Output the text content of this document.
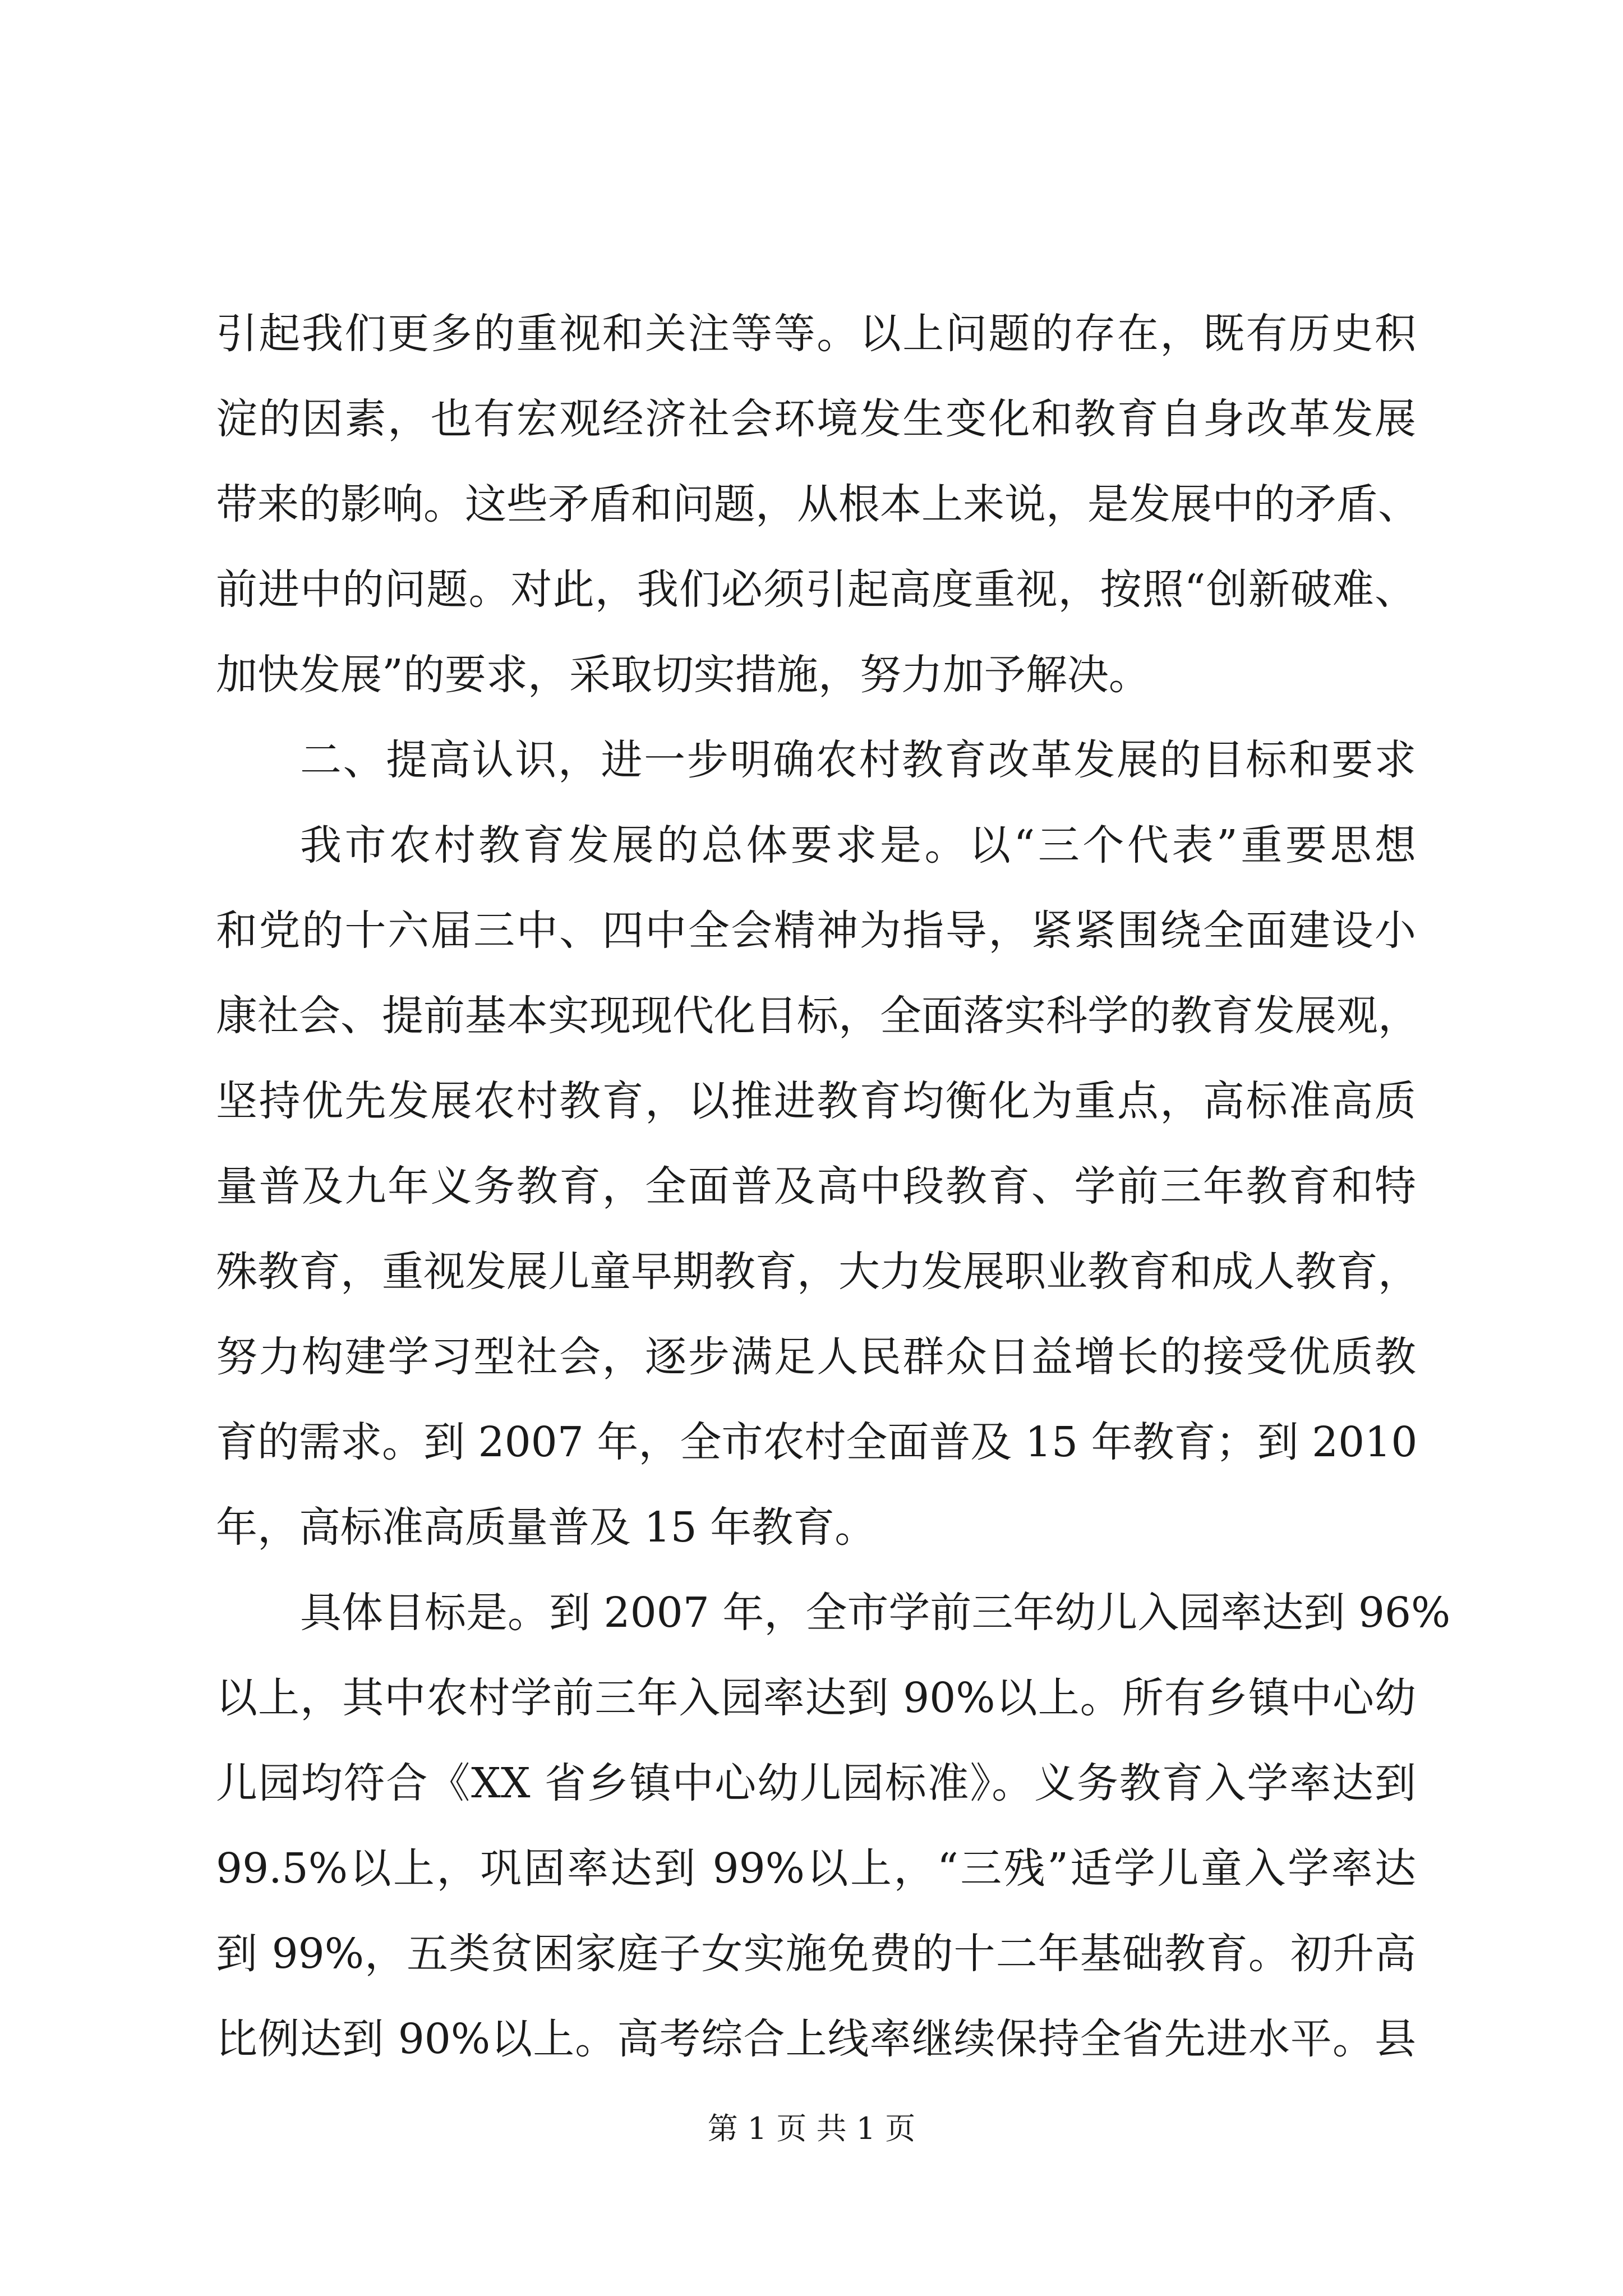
引起我们更多的重视和关注等等。以上问题的存在，既有历史积
淀的因素，也有宏观经济社会环境发生变化和教育自身改革发展
带来的影响。这些矛盾和问题，从根本上来说，是发展中的矛盾、
前进中的问题。对此，我们必须引起高度重视，按照“创新破难、
加快发展”的要求，采取切实措施，努力加予解决。
二、提高认识，进一步明确农村教育改革发展的目标和要求
我市农村教育发展的总体要求是。以“三个代表”重要思想
和党的十六届三中、四中全会精神为指导，紧紧围绕全面建设小
康社会、提前基本实现现代化目标，全面落实科学的教育发展观，
坚持优先发展农村教育，以推进教育均衡化为重点，高标准高质
量普及九年义务教育，全面普及高中段教育、学前三年教育和特
殊教育，重视发展儿童早期教育，大力发展职业教育和成人教育，
努力构建学习型社会，逐步满足人民群众日益增长的接受优质教
育的需求。到 2007 年，全市农村全面普及 15 年教育；到 2010
年，高标准高质量普及 15 年教育。
具体目标是。到 2007 年，全市学前三年幼儿入园率达到 96%
以上，其中农村学前三年入园率达到 90%以上。所有乡镇中心幼
儿园均符合《XX 省乡镇中心幼儿园标准》。义务教育入学率达到
99.5%以上，巩固率达到 99%以上，“三残”适学儿童入学率达
到 99%，五类贫困家庭子女实施免费的十二年基础教育。初升高
比例达到 90%以上。高考综合上线率继续保持全省先进水平。县
第 1 页 共 1 页
